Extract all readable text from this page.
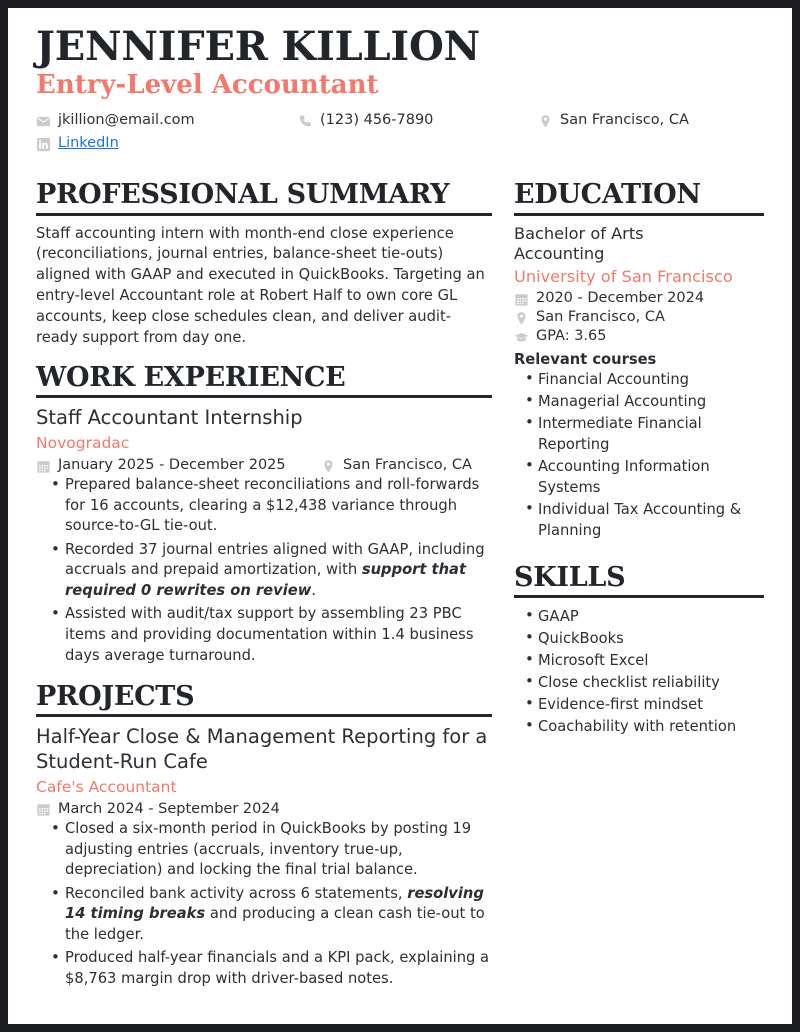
JENNIFER KILLION
Entry-Level Accountant
jkillion@email.com	(123) 456-7890	San Francisco, CA
LinkedIn
PROFESSIONAL SUMMARY

Staff accounting intern with month-end close experience (reconciliations, journal entries, balance-sheet tie-outs) aligned with GAAP and executed in QuickBooks. Targeting an entry-level Accountant role at Robert Half to own core GL accounts, keep close schedules clean, and deliver audit-ready support from day one.

WORK EXPERIENCE
Staff Accountant Internship
Novogradac
January 2025 - December 2025	San Francisco, CA
• Prepared balance-sheet reconciliations and roll-forwards for 16 accounts, clearing a $12,438 variance through source-to-GL tie-out.
• Recorded 37 journal entries aligned with GAAP, including accruals and prepaid amortization, with support that required 0 rewrites on review.
• Assisted with audit/tax support by assembling 23 PBC items and providing documentation within 1.4 business days average turnaround.
PROJECTS
Half-Year Close & Management Reporting for a Student-Run Cafe
Cafe's Accountant
March 2024 - September 2024
• Closed a six-month period in QuickBooks by posting 19 adjusting entries (accruals, inventory true-up, depreciation) and locking the final trial balance.
• Reconciled bank activity across 6 statements, resolving 14 timing breaks and producing a clean cash tie-out to the ledger.
• Produced half-year financials and a KPI pack, explaining a $8,763 margin drop with driver-based notes.
EDUCATION
Bachelor of Arts
Accounting
University of San Francisco
2020 - December 2024
San Francisco, CA
GPA: 3.65
Relevant courses
• Financial Accounting
• Managerial Accounting
• Intermediate Financial Reporting
• Accounting Information Systems
• Individual Tax Accounting & Planning
SKILLS
• GAAP
• QuickBooks
• Microsoft Excel
• Close checklist reliability
• Evidence-first mindset
• Coachability with retention
